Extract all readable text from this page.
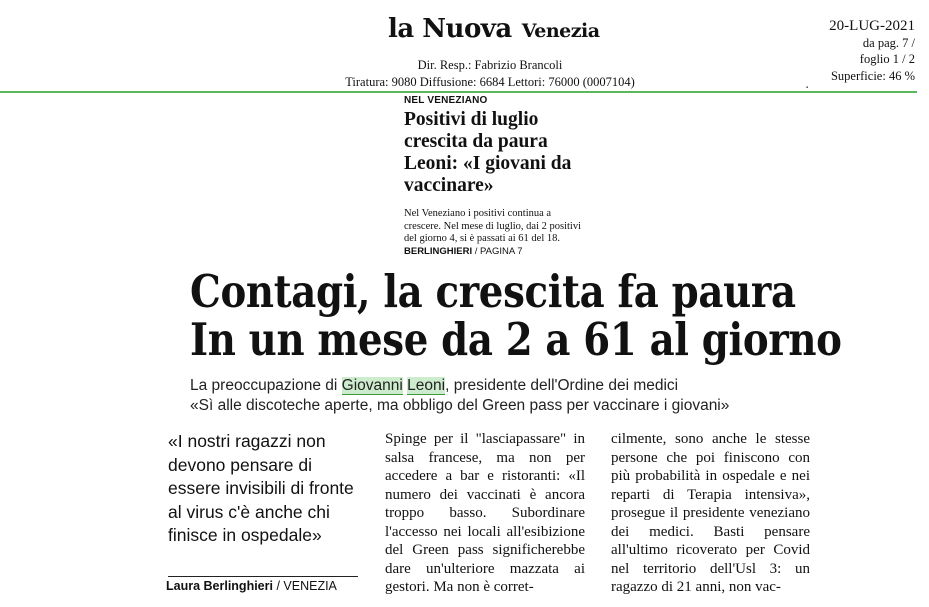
la Nuova Venezia
Dir. Resp.: Fabrizio Brancoli
Tiratura: 9080 Diffusione: 6684 Lettori: 76000 (0007104)
20-LUG-2021
da pag. 7 /
foglio 1 / 2
Superficie: 46 %
▪
NEL VENEZIANO
Positivi di luglio crescita da paura Leoni: «I giovani da vaccinare»
Nel Veneziano i positivi continua a crescere. Nel mese di luglio, dai 2 positivi del giorno 4, si è passati ai 61 del 18. BERLINGHIERI / PAGINA 7
Contagi, la crescita fa paura
In un mese da 2 a 61 al giorno
La preoccupazione di Giovanni Leoni, presidente dell'Ordine dei medici
«Sì alle discoteche aperte, ma obbligo del Green pass per vaccinare i giovani»
«I nostri ragazzi non devono pensare di essere invisibili di fronte al virus c'è anche chi finisce in ospedale»
Laura Berlinghieri / VENEZIA

Spinge per il "lasciapassare" in salsa francese, ma non per accedere a bar e ristoranti: «Il numero dei vaccinati è ancora troppo basso. Subordinare l'accesso nei locali all'esibizione del Green pass significherebbe dare un'ulteriore mazzata ai gestori. Ma non è corret-

cilmente, sono anche le stesse persone che poi finiscono con più probabilità in ospedale e nei reparti di Terapia intensiva», prosegue il presidente veneziano dei medici. Basti pensare all'ultimo ricoverato per Covid nel territorio dell'Usl 3: un ragazzo di 21 anni, non vac-
